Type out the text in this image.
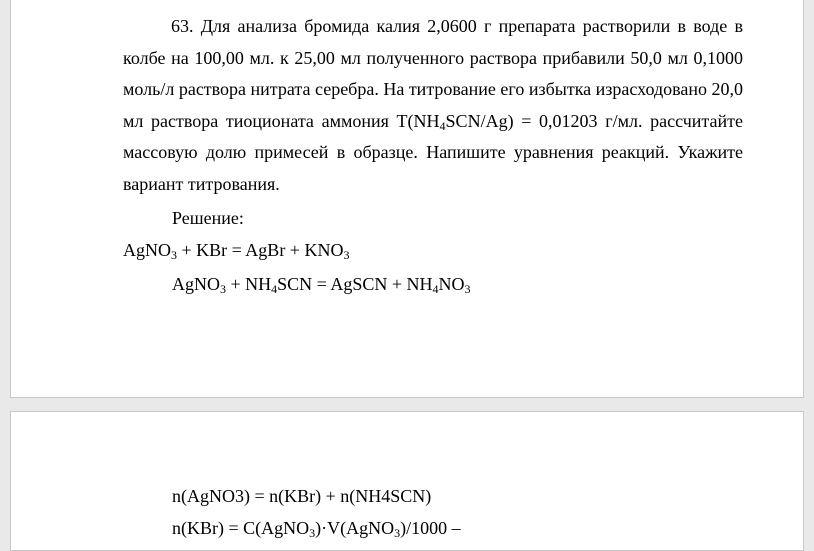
63. Для анализа бромида калия 2,0600 г препарата растворили в воде в колбе на 100,00 мл. к 25,00 мл полученного раствора прибавили 50,0 мл 0,1000 моль/л раствора нитрата серебра. На титрование его избытка израсходовано 20,0 мл раствора тиоционата аммония $T(NH_4SCN/Ag) = 0,01203$ г/мл. рассчитайте массовую долю примесей в образце. Напишите уравнения реакций. Укажите вариант титрования.

Решение:

AgNO$_3$ + KBr = AgBr + $KNO_3$

AgNO$_3$ + $NH_4SCN$ = AgSCN + $NH_4NO_3$

n(AgNO3) = n(KBr) + n(NH4SCN)

n(KBr) = C(AgNO$_3$)·V(AgNO$_3$)/1000 –
